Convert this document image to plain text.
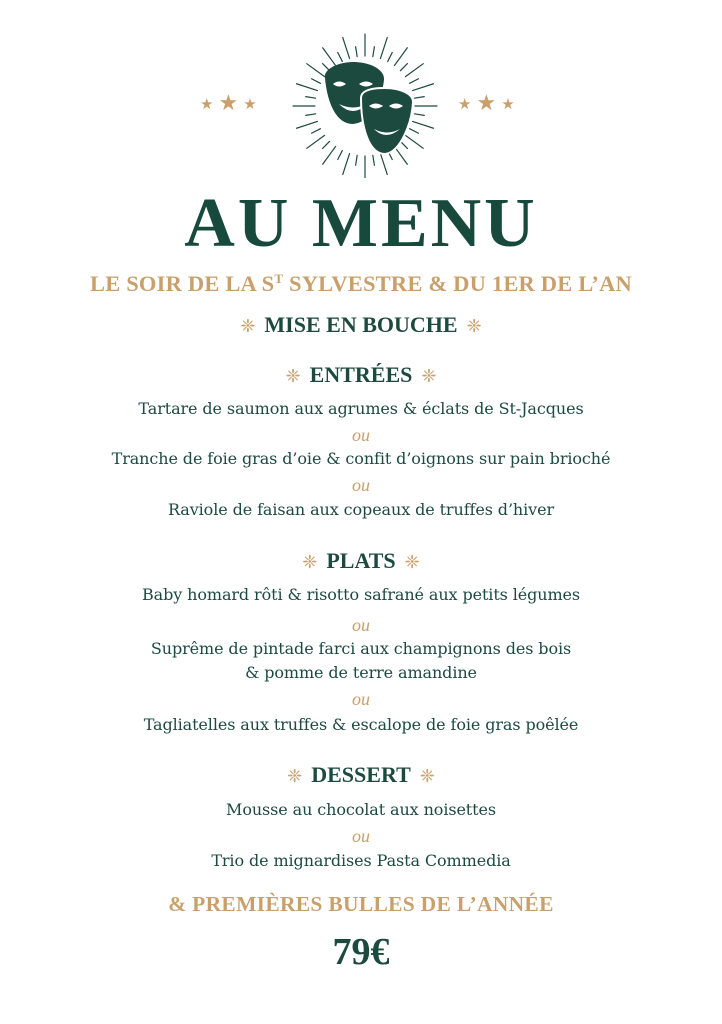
★ ★ ★	★ ★ ★
AU MENU
LE SOIR DE LA $S^T$ SYLVESTRE & DU 1ER DE L’AN
❈ MISE EN BOUCHE ❈
❈ ENTRÉES ❈
Tartare de saumon aux agrumes & éclats de St-Jacques
ou
Tranche de foie gras d’oie & confit d’oignons sur pain brioché
ou
Raviole de faisan aux copeaux de truffes d’hiver
❈ PLATS ❈
Baby homard rôti & risotto safrané aux petits légumes
ou
Suprême de pintade farci aux champignons des bois
& pomme de terre amandine
ou
Tagliatelles aux truffes & escalope de foie gras poêlée
❈ DESSERT ❈
Mousse au chocolat aux noisettes
ou
Trio de mignardises Pasta Commedia
& PREMIÈRES BULLES DE L’ANNÉE
79€
